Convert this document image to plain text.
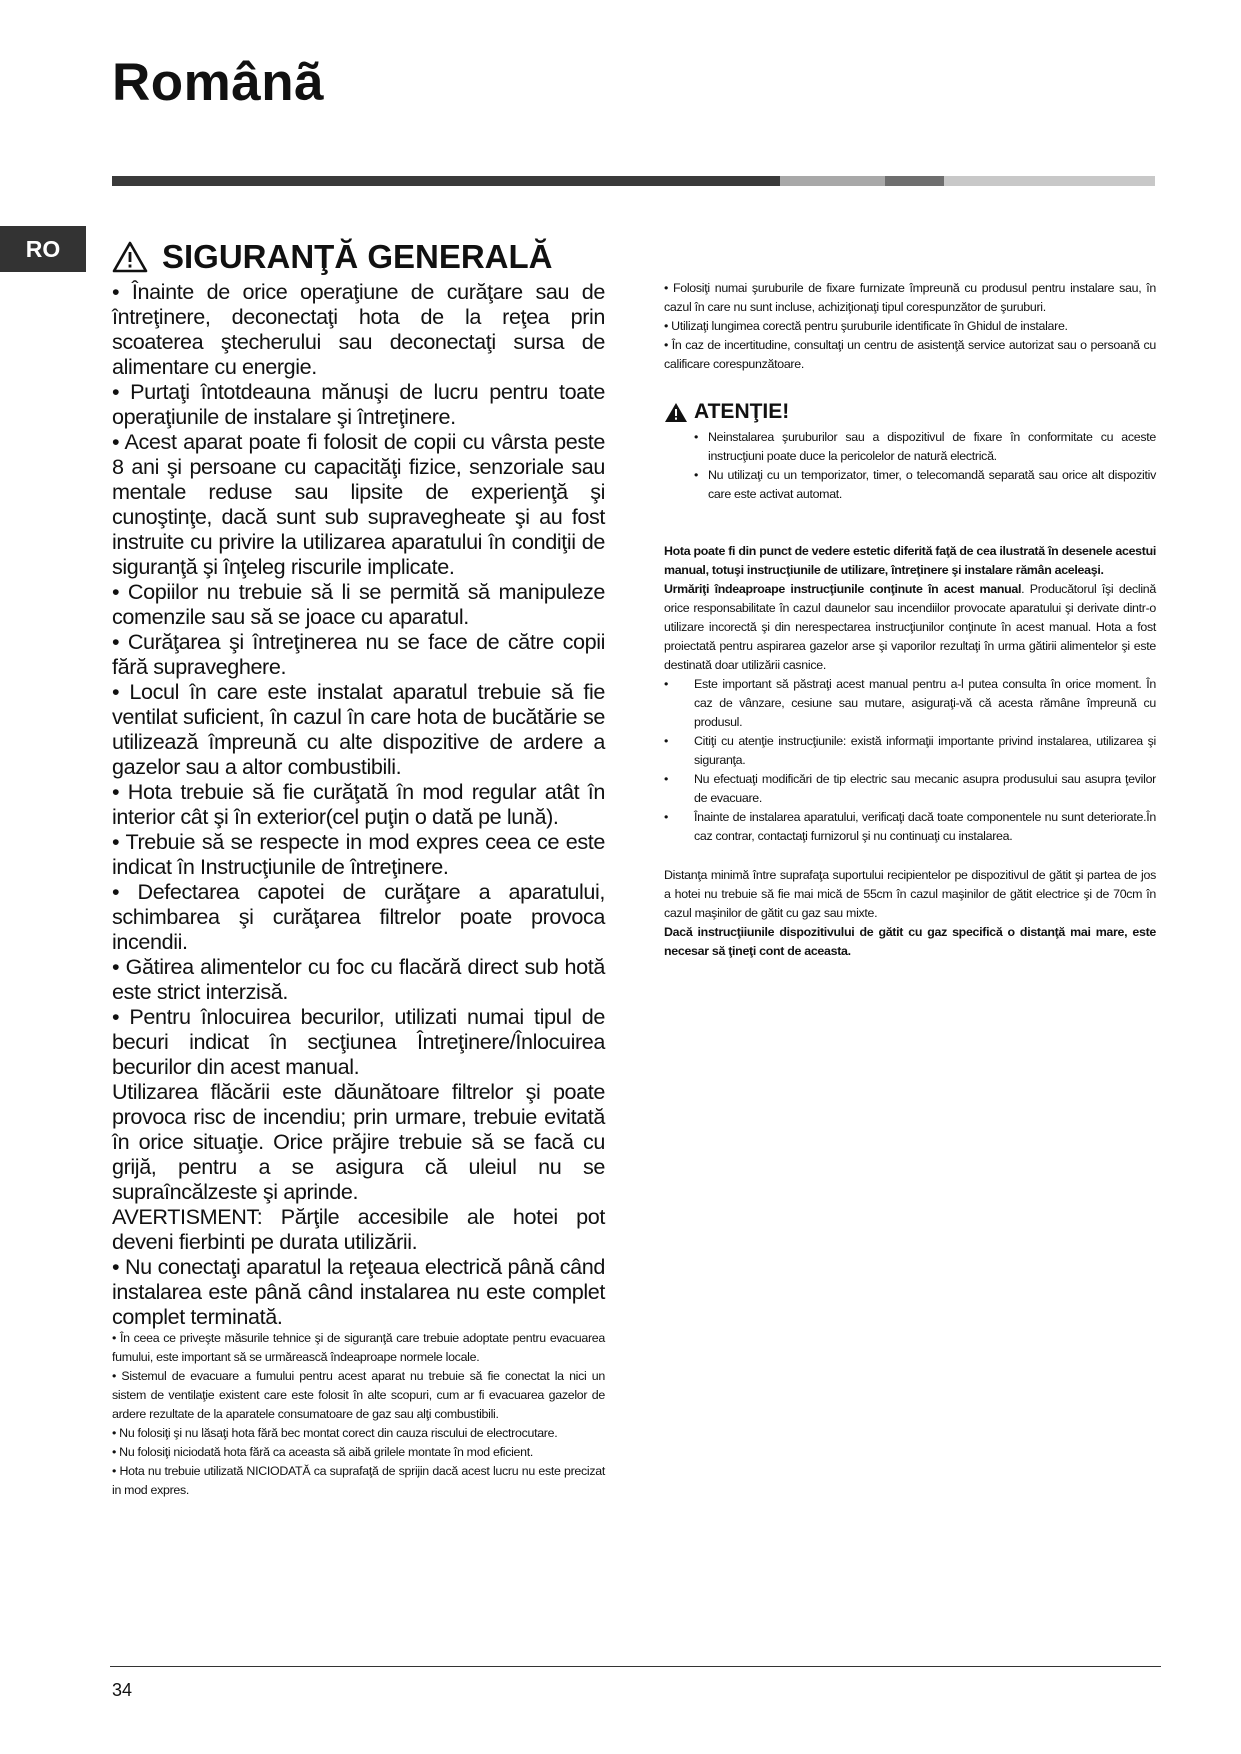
Românã
RO	SIGURANŢĂ GENERALĂ

• Înainte de orice operaţiune de curăţare sau de întreţinere, deconectaţi hota de la reţea prin scoaterea ştecherului sau deconectaţi sursa de alimentare cu energie.

• Purtaţi întotdeauna mănuşi de lucru pentru toate operaţiunile de instalare şi întreţinere.

• Acest aparat poate fi folosit de copii cu vârsta peste 8 ani şi persoane cu capacităţi fizice, senzoriale sau mentale reduse sau lipsite de experienţă şi cunoştinţe, dacă sunt sub supravegheate şi au fost instruite cu privire la utilizarea aparatului în condiţii de siguranţă şi înţeleg riscurile implicate.

• Copiilor nu trebuie să li se permită să manipuleze comenzile sau să se joace cu aparatul.

• Curăţarea şi întreţinerea nu se face de către copii fără supraveghere.

• Locul în care este instalat aparatul trebuie să fie ventilat suficient, în cazul în care hota de bucătărie se utilizează împreună cu alte dispozitive de ardere a gazelor sau a altor combustibili.

• Hota trebuie să fie curăţată în mod regular atât în interior cât şi în exterior(cel puţin o dată pe lună).

• Trebuie să se respecte in mod expres ceea ce este indicat în Instrucţiunile de întreţinere.

• Defectarea capotei de curăţare a aparatului, schimbarea şi curăţarea filtrelor poate provoca incendii.

• Gătirea alimentelor cu foc cu flacără direct sub hotă este strict interzisă.

• Pentru înlocuirea becurilor, utilizati numai tipul de becuri indicat în secţiunea Întreţinere/Înlocuirea becurilor din acest manual.

Utilizarea flăcării este dăunătoare filtrelor şi poate provoca risc de incendiu; prin urmare, trebuie evitată în orice situaţie. Orice prăjire trebuie să se facă cu grijă, pentru a se asigura că uleiul nu se supraîncălzeste şi aprinde.

AVERTISMENT: Părţile accesibile ale hotei pot deveni fierbinti pe durata utilizării.

• Nu conectaţi aparatul la reţeaua electrică până când instalarea este până când instalarea nu este complet complet terminată.

• În ceea ce priveşte măsurile tehnice şi de siguranţă care trebuie adoptate pentru evacuarea fumului, este important să se urmărească îndeaproape normele locale.

• Sistemul de evacuare a fumului pentru acest aparat nu trebuie să fie conectat la nici un sistem de ventilaţie existent care este folosit în alte scopuri, cum ar fi evacuarea gazelor de ardere rezultate de la aparatele consumatoare de gaz sau alţi combustibili.

• Nu folosiţi şi nu lăsaţi hota fără bec montat corect din cauza riscului de electrocutare.

• Nu folosiţi niciodată hota fără ca aceasta să aibă grilele montate în mod eficient.

• Hota nu trebuie utilizată NICIODATĂ ca suprafaţă de sprijin dacă acest lucru nu este precizat in mod expres.

• Folosiţi numai şuruburile de fixare furnizate împreună cu produsul pentru instalare sau, în cazul în care nu sunt incluse, achiziţionaţi tipul corespunzător de şuruburi.

• Utilizaţi lungimea corectă pentru şuruburile identificate în Ghidul de instalare.

• În caz de incertitudine, consultaţi un centru de asistenţă service autorizat sau o persoană cu calificare corespunzătoare.

ATENŢIE!
• Neinstalarea şuruburilor sau a dispozitivul de fixare în conformitate cu aceste instrucţiuni poate duce la pericolelor de natură electrică.
• Nu utilizaţi cu un temporizator, timer, o telecomandă separată sau orice alt dispozitiv care este activat automat.

Hota poate fi din punct de vedere estetic diferită faţă de cea ilustrată în desenele acestui manual, totuşi instrucţiunile de utilizare, întreţinere şi instalare rămân aceleaşi.

Urmăriţi îndeaproape instrucţiunile conţinute în acest manual. Producătorul îşi declină orice responsabilitate în cazul daunelor sau incendiilor provocate aparatului şi derivate dintr-o utilizare incorectă şi din nerespectarea instrucţiunilor conţinute în acest manual. Hota a fost proiectată pentru aspirarea gazelor arse şi vaporilor rezultaţi în urma gătirii alimentelor şi este destinată doar utilizării casnice.

• Este important să păstraţi acest manual pentru a-l putea consulta în orice moment. În caz de vânzare, cesiune sau mutare, asiguraţi-vă că acesta rămâne împreună cu produsul.
• Citiţi cu atenţie instrucţiunile: există informaţii importante privind instalarea, utilizarea şi siguranţa.
• Nu efectuaţi modificări de tip electric sau mecanic asupra produsului sau asupra ţevilor de evacuare.
• Înainte de instalarea aparatului, verificaţi dacă toate componentele nu sunt deteriorate.În caz contrar, contactaţi furnizorul şi nu continuaţi cu instalarea.

Distanţa minimă între suprafaţa suportului recipientelor pe dispozitivul de gătit şi partea de jos a hotei nu trebuie să fie mai mică de 55cm în cazul maşinilor de gătit electrice şi de 70cm în cazul maşinilor de gătit cu gaz sau mixte.

Dacă instrucţiiunile dispozitivului de gătit cu gaz specifică o distanţă mai mare, este necesar să ţineţi cont de aceasta.

34
